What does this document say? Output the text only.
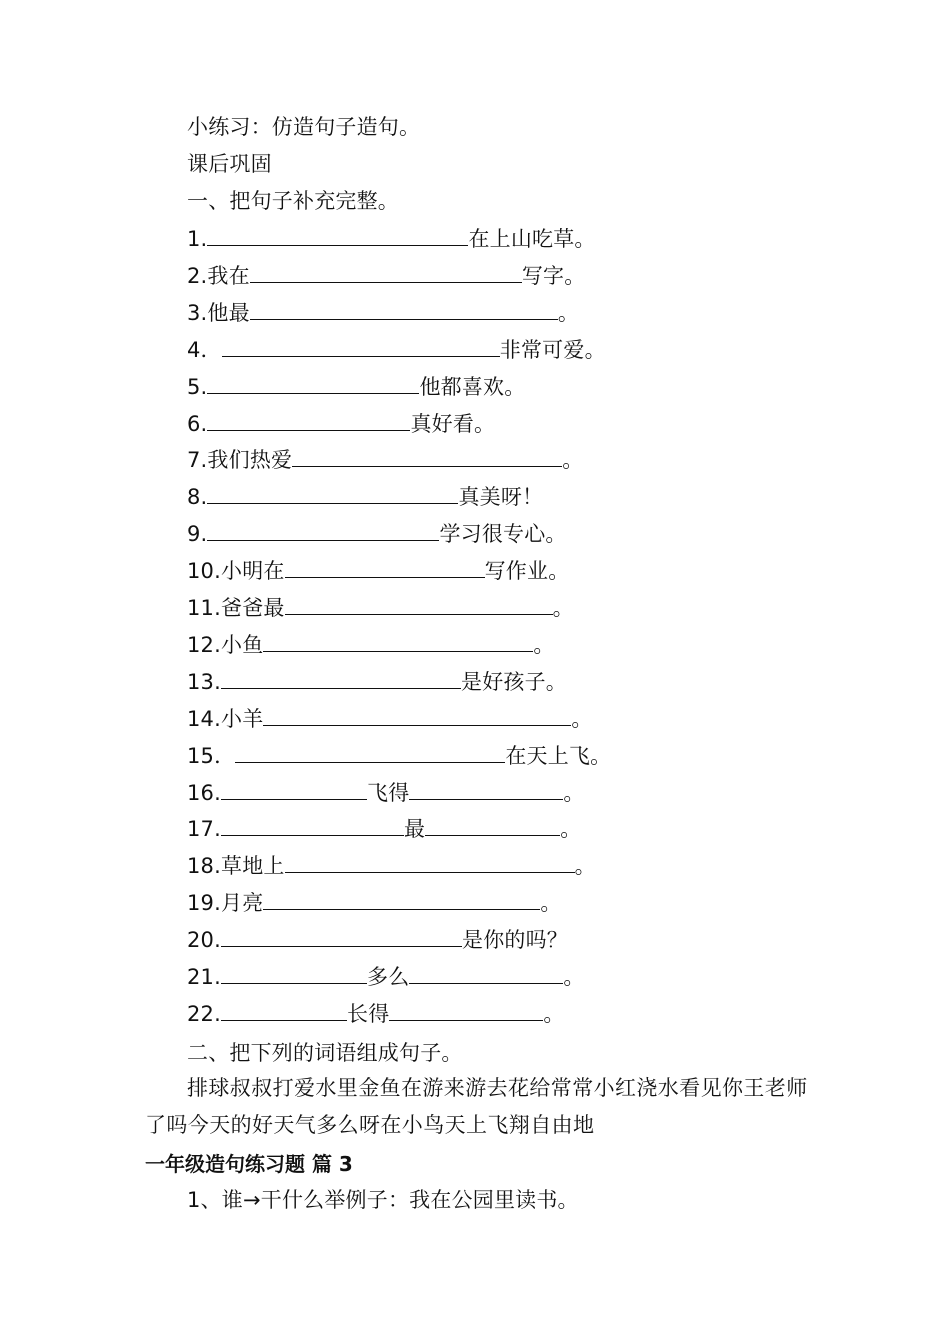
小练习：仿造句子造句。
课后巩固
一、把句子补充完整。
1.	在上山吃草。
2.我在	写字。
3.他最	。
4．	非常可爱。
5.	他都喜欢。
6.	真好看。
7.我们热爱	。
8.	真美呀！
9.	学习很专心。
10.小明在	写作业。
11.爸爸最	。
12.小鱼	。
13.	是好孩子。
14.小羊	。
15．	在天上飞。
16.	飞得	。
17.	最	。
18.草地上	。
19.月亮	。
20.	是你的吗？
21.	多么	。
22.	长得	。
二、把下列的词语组成句子。
排球叔叔打爱水里金鱼在游来游去花给常常小红浇水看见你王老师了吗今天的好天气多么呀在小鸟天上飞翔自由地
一年级造句练习题 篇 3
1、谁→干什么举例子：我在公园里读书。
